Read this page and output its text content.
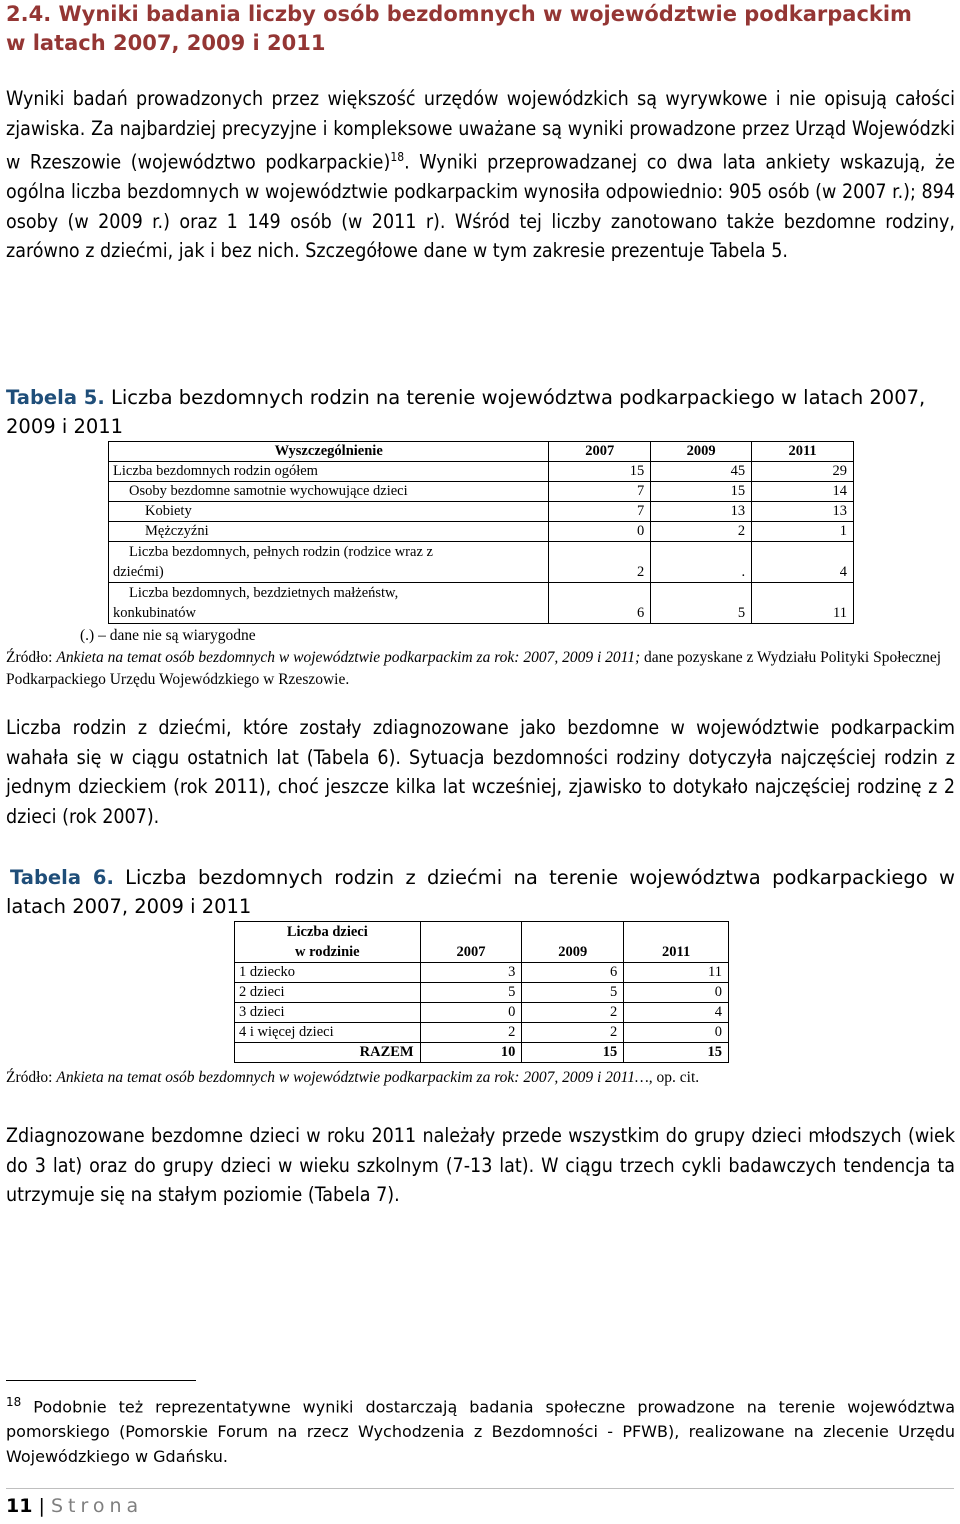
2.4. Wyniki badania liczby osób bezdomnych w województwie podkarpackim
w latach 2007, 2009 i 2011
Wyniki badań prowadzonych przez większość urzędów wojewódzkich są wyrywkowe i nie opisują całości zjawiska. Za najbardziej precyzyjne i kompleksowe uważane są wyniki prowadzone przez Urząd Wojewódzki w Rzeszowie (województwo podkarpackie)$^{18}$. Wyniki przeprowadzanej co dwa lata ankiety wskazują, że ogólna liczba bezdomnych w województwie podkarpackim wynosiła odpowiednio: 905 osób (w 2007 r.); 894 osoby (w 2009 r.) oraz 1 149 osób (w 2011 r). Wśród tej liczby zanotowano także bezdomne rodziny, zarówno z dziećmi, jak i bez nich. Szczegółowe dane w tym zakresie prezentuje Tabela 5.
Tabela 5. Liczba bezdomnych rodzin na terenie województwa podkarpackiego w latach 2007, 2009 i 2011
Wyszczególnienie	2007	2009	2011
Liczba bezdomnych rodzin ogółem	15	45	29
Osoby bezdomne samotnie wychowujące dzieci	7	15	14
Kobiety	7	13	13
Mężczyźni	0	2	1
Liczba bezdomnych, pełnych rodzin (rodzice wraz z
dziećmi)	2	.	4
Liczba bezdomnych, bezdzietnych małżeństw,
konkubinatów	6	5	11
(.) – dane nie są wiarygodne
Źródło: Ankieta na temat osób bezdomnych w województwie podkarpackim za rok: 2007, 2009 i 2011; dane pozyskane z Wydziału Polityki Społecznej Podkarpackiego Urzędu Wojewódzkiego w Rzeszowie.
Liczba rodzin z dziećmi, które zostały zdiagnozowane jako bezdomne w województwie podkarpackim wahała się w ciągu ostatnich lat (Tabela 6). Sytuacja bezdomności rodziny dotyczyła najczęściej rodzin z jednym dzieckiem (rok 2011), choć jeszcze kilka lat wcześniej, zjawisko to dotykało najczęściej rodzinę z 2 dzieci (rok 2007).
Tabela 6. Liczba bezdomnych rodzin z dziećmi na terenie województwa podkarpackiego w latach 2007, 2009 i 2011
Liczba dzieci
w rodzinie	2007	2009	2011
1 dziecko	3	6	11
2 dzieci	5	5	0
3 dzieci	0	2	4
4 i więcej dzieci	2	2	0
RAZEM	10	15	15
Źródło: Ankieta na temat osób bezdomnych w województwie podkarpackim za rok: 2007, 2009 i 2011…, op. cit.
Zdiagnozowane bezdomne dzieci w roku 2011 należały przede wszystkim do grupy dzieci młodszych (wiek do 3 lat) oraz do grupy dzieci w wieku szkolnym (7-13 lat). W ciągu trzech cykli badawczych tendencja ta utrzymuje się na stałym poziomie (Tabela 7).
$^{18}$ Podobnie też reprezentatywne wyniki dostarczają badania społeczne prowadzone na terenie województwa pomorskiego (Pomorskie Forum na rzecz Wychodzenia z Bezdomności - PFWB), realizowane na zlecenie Urzędu Wojewódzkiego w Gdańsku.
11 | Strona
